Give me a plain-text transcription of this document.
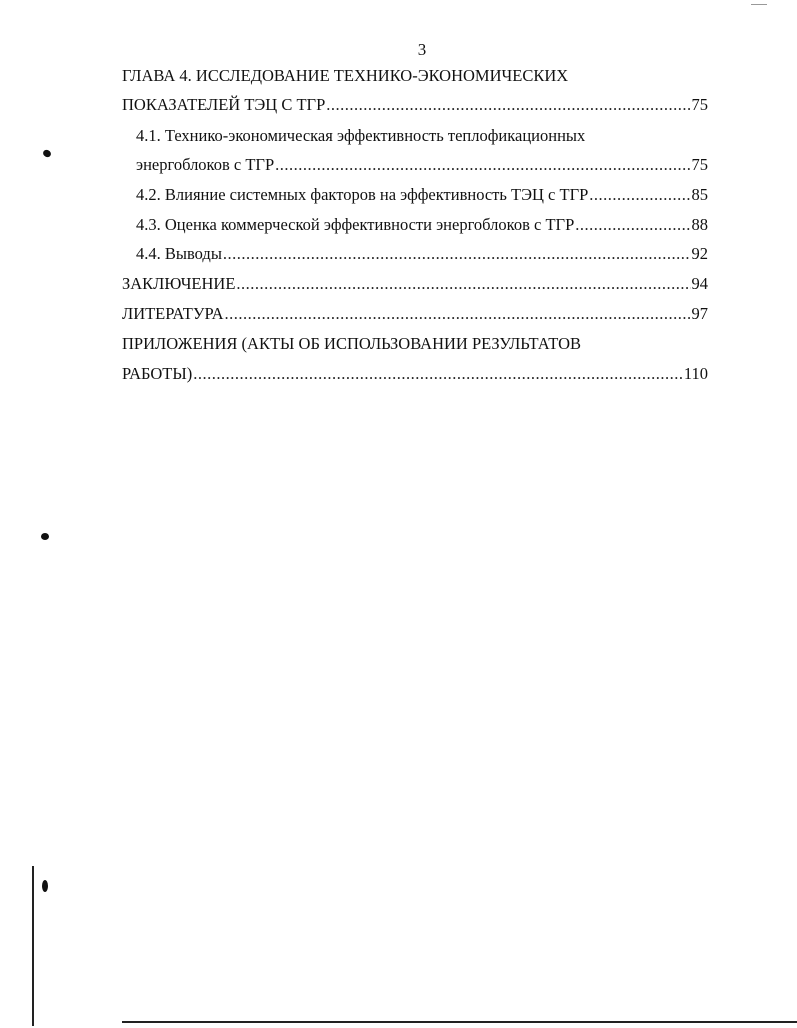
3
ГЛАВА 4. ИССЛЕДОВАНИЕ ТЕХНИКО-ЭКОНОМИЧЕСКИХ
ПОКАЗАТЕЛЕЙ ТЭЦ С ТГР .....	75
4.1. Технико-экономическая эффективность теплофикационных
энергоблоков с ТГР .....	75
4.2. Влияние системных факторов на эффективность ТЭЦ с ТГР .....	85
4.3. Оценка коммерческой эффективности энергоблоков с ТГР .....	88
4.4. Выводы .....	92
ЗАКЛЮЧЕНИЕ .....	94
ЛИТЕРАТУРА .....	97
ПРИЛОЖЕНИЯ (АКТЫ ОБ ИСПОЛЬЗОВАНИИ РЕЗУЛЬТАТОВ
РАБОТЫ) .....	110
